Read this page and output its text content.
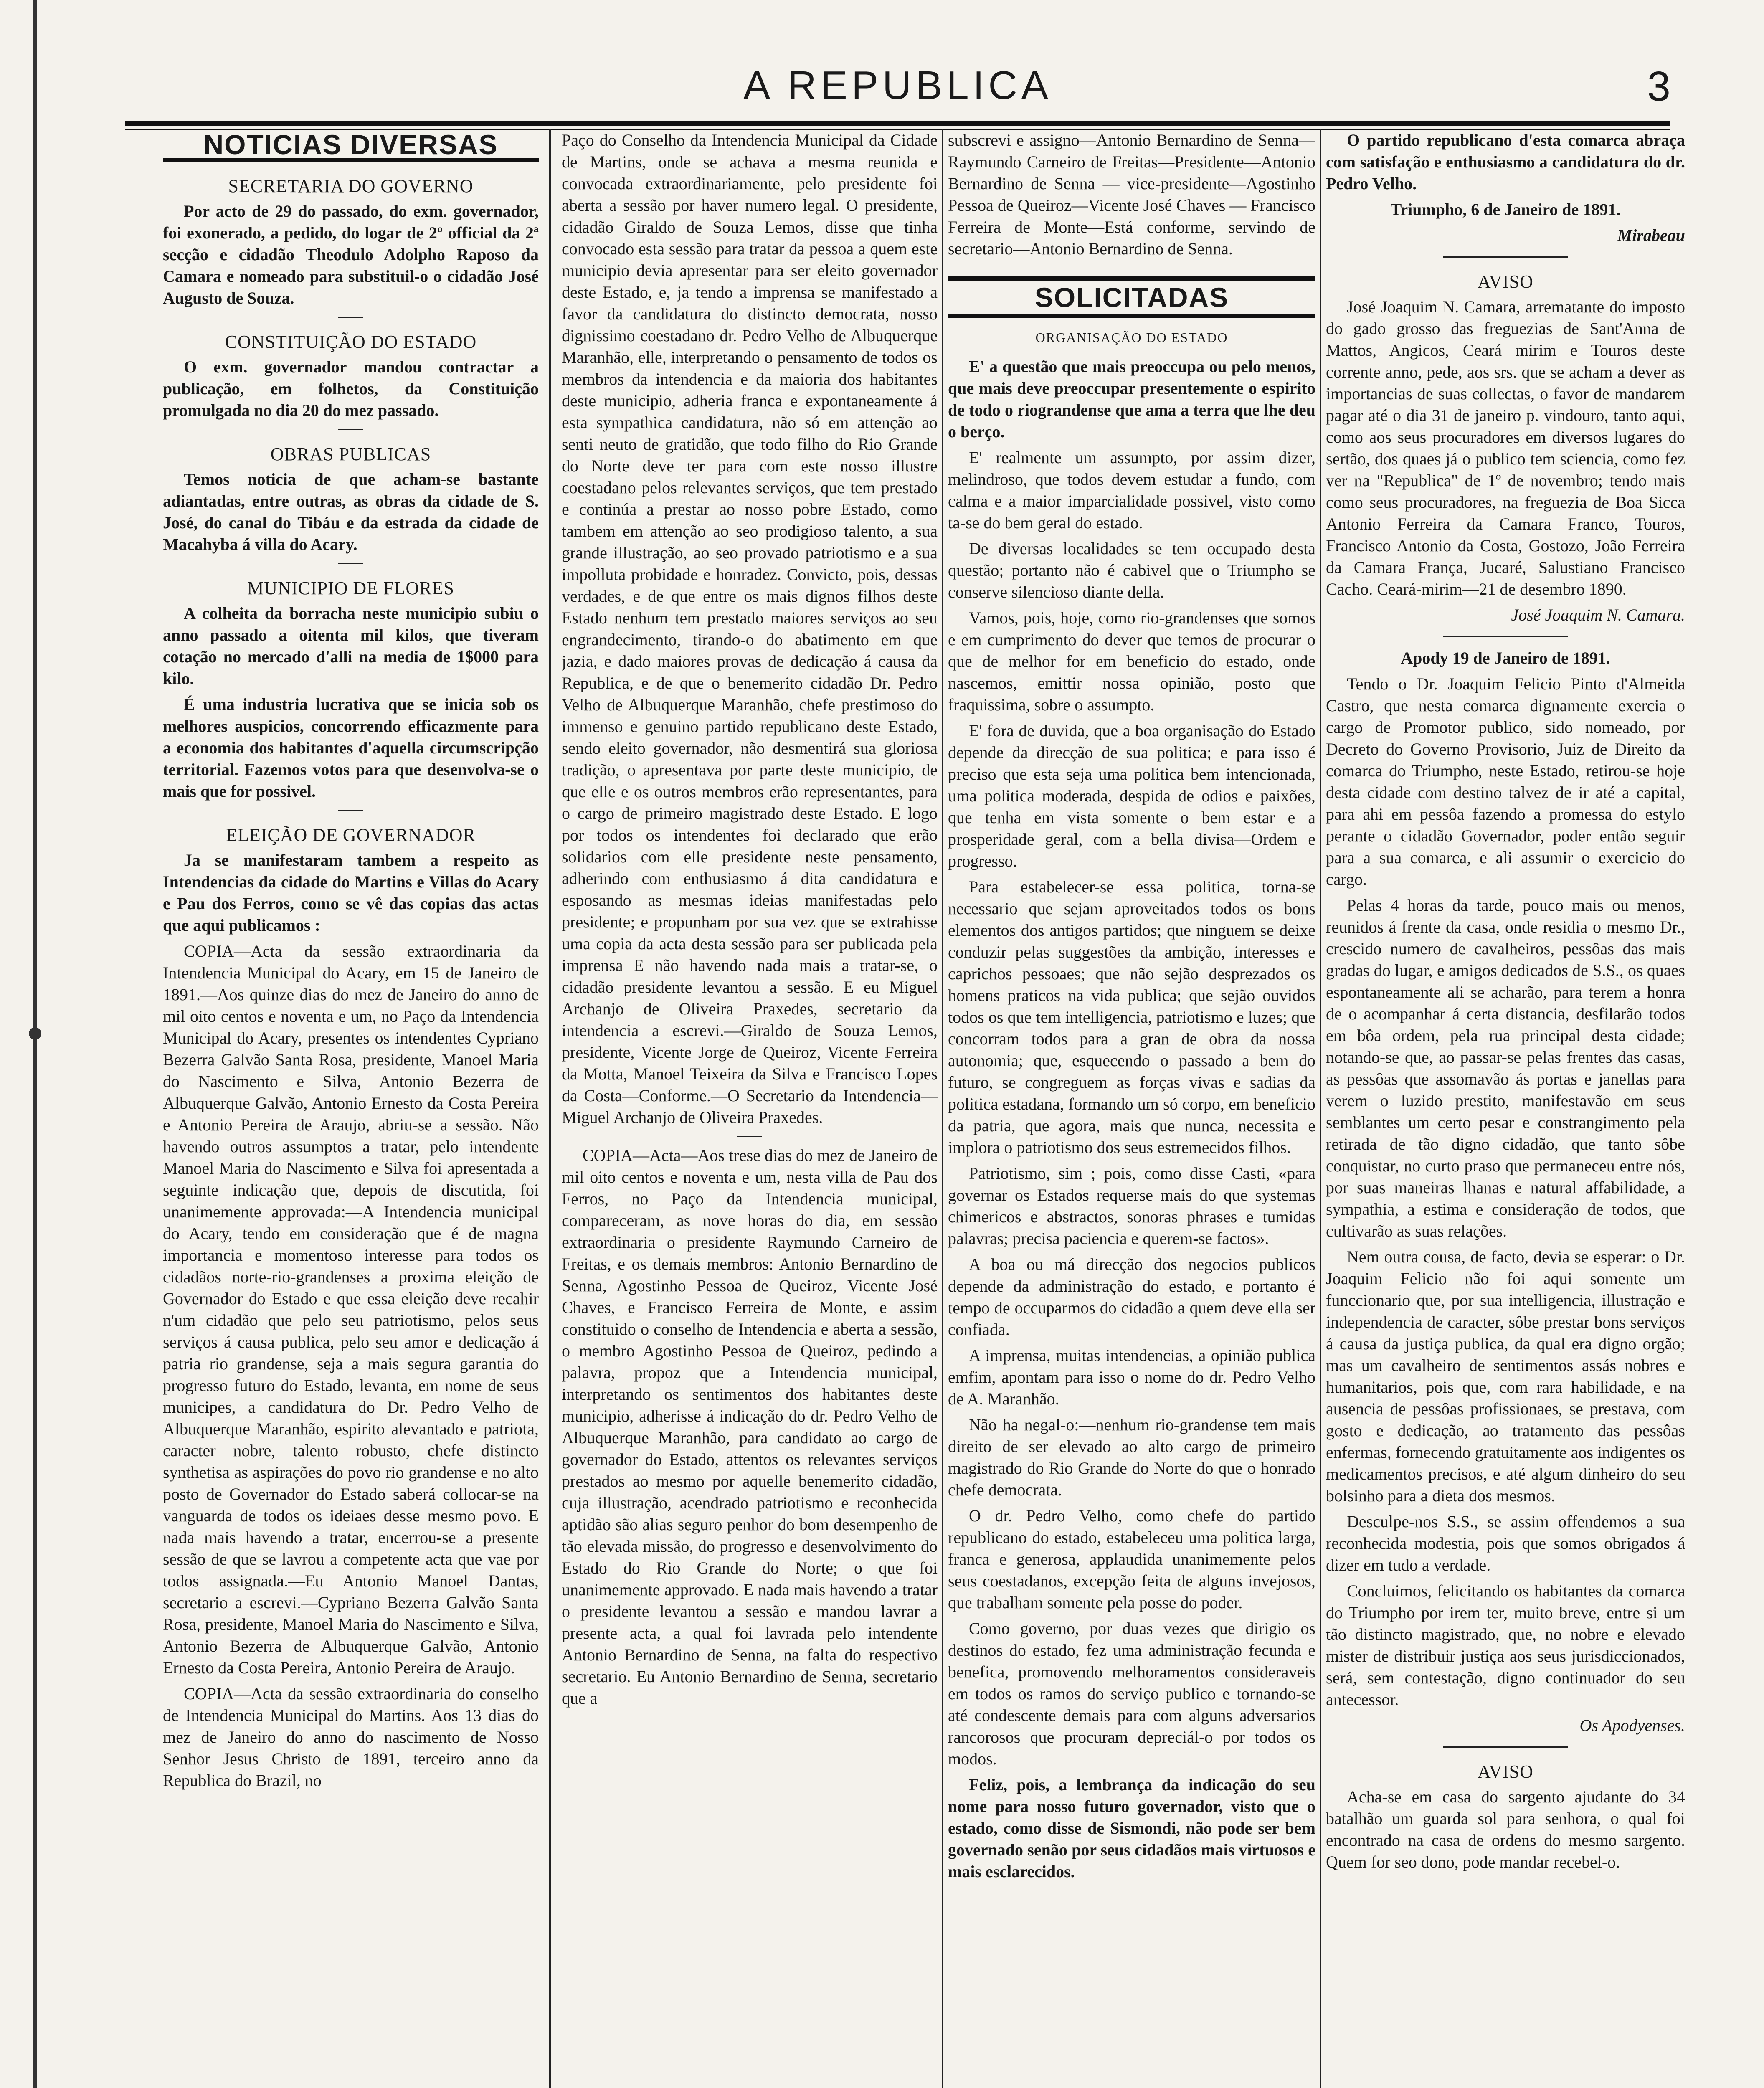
A REPUBLICA	3
NOTICIAS DIVERSAS
SECRETARIA DO GOVERNO

Por acto de 29 do passado, do exm. governador, foi exonerado, a pedido, do logar de 2º official da 2ª secção e cidadão Theodulo Adolpho Raposo da Camara e nomeado para substituil-o o cidadão José Augusto de Souza.

CONSTITUIÇÃO DO ESTADO

O exm. governador mandou contractar a publicação, em folhetos, da Constituição promulgada no dia 20 do mez passado.

OBRAS PUBLICAS

Temos noticia de que acham-se bastante adiantadas, entre outras, as obras da cidade de S. José, do canal do Tibáu e da estrada da cidade de Macahyba á villa do Acary.

MUNICIPIO DE FLORES

A colheita da borracha neste municipio subiu o anno passado a oitenta mil kilos, que tiveram cotação no mercado d'alli na media de 1$000 para kilo.

É uma industria lucrativa que se inicia sob os melhores auspicios, concorrendo efficazmente para a economia dos habitantes d'aquella circumscripção territorial. Fazemos votos para que desenvolva-se o mais que for possivel.

ELEIÇÃO DE GOVERNADOR

Ja se manifestaram tambem a respeito as Intendencias da cidade do Martins e Villas do Acary e Pau dos Ferros, como se vê das copias das actas que aqui publicamos :

COPIA—Acta da sessão extraordinaria da Intendencia Municipal do Acary, em 15 de Janeiro de 1891.—Aos quinze dias do mez de Janeiro do anno de mil oito centos e noventa e um, no Paço da Intendencia Municipal do Acary, presentes os intendentes Cypriano Bezerra Galvão Santa Rosa, presidente, Manoel Maria do Nascimento e Silva, Antonio Bezerra de Albuquerque Galvão, Antonio Ernesto da Costa Pereira e Antonio Pereira de Araujo, abriu-se a sessão. Não havendo outros assumptos a tratar, pelo intendente Manoel Maria do Nascimento e Silva foi apresentada a seguinte indicação que, depois de discutida, foi unanimemente approvada:—A Intendencia municipal do Acary, tendo em consideração que é de magna importancia e momentoso interesse para todos os cidadãos norte-rio-grandenses a proxima eleição de Governador do Estado e que essa eleição deve recahir n'um cidadão que pelo seu patriotismo, pelos seus serviços á causa publica, pelo seu amor e dedicação á patria rio grandense, seja a mais segura garantia do progresso futuro do Estado, levanta, em nome de seus municipes, a candidatura do Dr. Pedro Velho de Albuquerque Maranhão, espirito alevantado e patriota, caracter nobre, talento robusto, chefe distincto synthetisa as aspirações do povo rio grandense e no alto posto de Governador do Estado saberá collocar-se na vanguarda de todos os ideiaes desse mesmo povo. E nada mais havendo a tratar, encerrou-se a presente sessão de que se lavrou a competente acta que vae por todos assignada.—Eu Antonio Manoel Dantas, secretario a escrevi.—Cypriano Bezerra Galvão Santa Rosa, presidente, Manoel Maria do Nascimento e Silva, Antonio Bezerra de Albuquerque Galvão, Antonio Ernesto da Costa Pereira, Antonio Pereira de Araujo.

COPIA—Acta da sessão extraordinaria do conselho de Intendencia Municipal do Martins. Aos 13 dias do mez de Janeiro do anno do nascimento de Nosso Senhor Jesus Christo de 1891, terceiro anno da Republica do Brazil, no

Paço do Conselho da Intendencia Municipal da Cidade de Martins, onde se achava a mesma reunida e convocada extraordinariamente, pelo presidente foi aberta a sessão por haver numero legal. O presidente, cidadão Giraldo de Souza Lemos, disse que tinha convocado esta sessão para tratar da pessoa a quem este municipio devia apresentar para ser eleito governador deste Estado, e, ja tendo a imprensa se manifestado a favor da candidatura do distincto democrata, nosso dignissimo coestadano dr. Pedro Velho de Albuquerque Maranhão, elle, interpretando o pensamento de todos os membros da intendencia e da maioria dos habitantes deste municipio, adheria franca e expontaneamente á esta sympathica candidatura, não só em attenção ao senti neuto de gratidão, que todo filho do Rio Grande do Norte deve ter para com este nosso illustre coestadano pelos relevantes serviços, que tem prestado e continúa a prestar ao nosso pobre Estado, como tambem em attenção ao seo prodigioso talento, a sua grande illustração, ao seo provado patriotismo e a sua impolluta probidade e honradez. Convicto, pois, dessas verdades, e de que entre os mais dignos filhos deste Estado nenhum tem prestado maiores serviços ao seu engrandecimento, tirando-o do abatimento em que jazia, e dado maiores provas de dedicação á causa da Republica, e de que o benemerito cidadão Dr. Pedro Velho de Albuquerque Maranhão, chefe prestimoso do immenso e genuino partido republicano deste Estado, sendo eleito governador, não desmentirá sua gloriosa tradição, o apresentava por parte deste municipio, de que elle e os outros membros erão representantes, para o cargo de primeiro magistrado deste Estado. E logo por todos os intendentes foi declarado que erão solidarios com elle presidente neste pensamento, adherindo com enthusiasmo á dita candidatura e esposando as mesmas ideias manifestadas pelo presidente; e propunham por sua vez que se extrahisse uma copia da acta desta sessão para ser publicada pela imprensa E não havendo nada mais a tratar-se, o cidadão presidente levantou a sessão. E eu Miguel Archanjo de Oliveira Praxedes, secretario da intendencia a escrevi.—Giraldo de Souza Lemos, presidente, Vicente Jorge de Queiroz, Vicente Ferreira da Motta, Manoel Teixeira da Silva e Francisco Lopes da Costa—Conforme.—O Secretario da Intendencia—Miguel Archanjo de Oliveira Praxedes.

COPIA—Acta—Aos trese dias do mez de Janeiro de mil oito centos e noventa e um, nesta villa de Pau dos Ferros, no Paço da Intendencia municipal, compareceram, as nove horas do dia, em sessão extraordinaria o presidente Raymundo Carneiro de Freitas, e os demais membros: Antonio Bernardino de Senna, Agostinho Pessoa de Queiroz, Vicente José Chaves, e Francisco Ferreira de Monte, e assim constituido o conselho de Intendencia e aberta a sessão, o membro Agostinho Pessoa de Queiroz, pedindo a palavra, propoz que a Intendencia municipal, interpretando os sentimentos dos habitantes deste municipio, adherisse á indicação do dr. Pedro Velho de Albuquerque Maranhão, para candidato ao cargo de governador do Estado, attentos os relevantes serviços prestados ao mesmo por aquelle benemerito cidadão, cuja illustração, acendrado patriotismo e reconhecida aptidão são alias seguro penhor do bom desempenho de tão elevada missão, do progresso e desenvolvimento do Estado do Rio Grande do Norte; o que foi unanimemente approvado. E nada mais havendo a tratar o presidente levantou a sessão e mandou lavrar a presente acta, a qual foi lavrada pelo intendente Antonio Bernardino de Senna, na falta do respectivo secretario. Eu Antonio Bernardino de Senna, secretario que a

subscrevi e assigno—Antonio Bernardino de Senna—Raymundo Carneiro de Freitas—Presidente—Antonio Bernardino de Senna — vice-presidente—Agostinho Pessoa de Queiroz—Vicente José Chaves — Francisco Ferreira de Monte—Está conforme, servindo de secretario—Antonio Bernardino de Senna.

SOLICITADAS
ORGANISAÇÃO DO ESTADO

E' a questão que mais preoccupa ou pelo menos, que mais deve preoccupar presentemente o espirito de todo o riograndense que ama a terra que lhe deu o berço.

E' realmente um assumpto, por assim dizer, melindroso, que todos devem estudar a fundo, com calma e a maior imparcialidade possivel, visto como ta-se do bem geral do estado.

De diversas localidades se tem occupado desta questão; portanto não é cabivel que o Triumpho se conserve silencioso diante della.

Vamos, pois, hoje, como rio-grandenses que somos e em cumprimento do dever que temos de procurar o que de melhor for em beneficio do estado, onde nascemos, emittir nossa opinião, posto que fraquissima, sobre o assumpto.

E' fora de duvida, que a boa organisação do Estado depende da direcção de sua politica; e para isso é preciso que esta seja uma politica bem intencionada, uma politica moderada, despida de odios e paixões, que tenha em vista somente o bem estar e a prosperidade geral, com a bella divisa—Ordem e progresso.

Para estabelecer-se essa politica, torna-se necessario que sejam aproveitados todos os bons elementos dos antigos partidos; que ninguem se deixe conduzir pelas suggestões da ambição, interesses e caprichos pessoaes; que não sejão desprezados os homens praticos na vida publica; que sejão ouvidos todos os que tem intelligencia, patriotismo e luzes; que concorram todos para a gran de obra da nossa autonomia; que, esquecendo o passado a bem do futuro, se congreguem as forças vivas e sadias da politica estadana, formando um só corpo, em beneficio da patria, que agora, mais que nunca, necessita e implora o patriotismo dos seus estremecidos filhos.

Patriotismo, sim ; pois, como disse Casti, «para governar os Estados requerse mais do que systemas chimericos e abstractos, sonoras phrases e tumidas palavras; precisa paciencia e querem-se factos».

A boa ou má direcção dos negocios publicos depende da administração do estado, e portanto é tempo de occuparmos do cidadão a quem deve ella ser confiada.

A imprensa, muitas intendencias, a opinião publica emfim, apontam para isso o nome do dr. Pedro Velho de A. Maranhão.

Não ha negal-o:—nenhum rio-grandense tem mais direito de ser elevado ao alto cargo de primeiro magistrado do Rio Grande do Norte do que o honrado chefe democrata.

O dr. Pedro Velho, como chefe do partido republicano do estado, estabeleceu uma politica larga, franca e generosa, applaudida unanimemente pelos seus coestadanos, excepção feita de alguns invejosos, que trabalham somente pela posse do poder.

Como governo, por duas vezes que dirigio os destinos do estado, fez uma administração fecunda e benefica, promovendo melhoramentos consideraveis em todos os ramos do serviço publico e tornando-se até condescente demais para com alguns adversarios rancorosos que procuram depreciál-o por todos os modos.

Feliz, pois, a lembrança da indicação do seu nome para nosso futuro governador, visto que o estado, como disse de Sismondi, não pode ser bem governado senão por seus cidadãos mais virtuosos e mais esclarecidos.

O partido republicano d'esta comarca abraça com satisfação e enthusiasmo a candidatura do dr. Pedro Velho.

Triumpho, 6 de Janeiro de 1891.

Mirabeau

AVISO

José Joaquim N. Camara, arrematante do imposto do gado grosso das freguezias de Sant'Anna de Mattos, Angicos, Ceará mirim e Touros deste corrente anno, pede, aos srs. que se acham a dever as importancias de suas collectas, o favor de mandarem pagar até o dia 31 de janeiro p. vindouro, tanto aqui, como aos seus procuradores em diversos lugares do sertão, dos quaes já o publico tem sciencia, como fez ver na "Republica" de 1º de novembro; tendo mais como seus procuradores, na freguezia de Boa Sicca Antonio Ferreira da Camara Franco, Touros, Francisco Antonio da Costa, Gostozo, João Ferreira da Camara França, Jucaré, Salustiano Francisco Cacho. Ceará-mirim—21 de desembro 1890.

José Joaquim N. Camara.

Apody 19 de Janeiro de 1891.

Tendo o Dr. Joaquim Felicio Pinto d'Almeida Castro, que nesta comarca dignamente exercia o cargo de Promotor publico, sido nomeado, por Decreto do Governo Provisorio, Juiz de Direito da comarca do Triumpho, neste Estado, retirou-se hoje desta cidade com destino talvez de ir até a capital, para ahi em pessôa fazendo a promessa do estylo perante o cidadão Governador, poder então seguir para a sua comarca, e ali assumir o exercicio do cargo.

Pelas 4 horas da tarde, pouco mais ou menos, reunidos á frente da casa, onde residia o mesmo Dr., crescido numero de cavalheiros, pessôas das mais gradas do lugar, e amigos dedicados de S.S., os quaes espontaneamente ali se acharão, para terem a honra de o acompanhar á certa distancia, desfilarão todos em bôa ordem, pela rua principal desta cidade; notando-se que, ao passar-se pelas frentes das casas, as pessôas que assomavão ás portas e janellas para verem o luzido prestito, manifestavão em seus semblantes um certo pesar e constrangimento pela retirada de tão digno cidadão, que tanto sôbe conquistar, no curto praso que permaneceu entre nós, por suas maneiras lhanas e natural affabilidade, a sympathia, a estima e consideração de todos, que cultivarão as suas relações.

Nem outra cousa, de facto, devia se esperar: o Dr. Joaquim Felicio não foi aqui somente um funccionario que, por sua intelligencia, illustração e independencia de caracter, sôbe prestar bons serviços á causa da justiça publica, da qual era digno orgão; mas um cavalheiro de sentimentos assás nobres e humanitarios, pois que, com rara habilidade, e na ausencia de pessôas profissionaes, se prestava, com gosto e dedicação, ao tratamento das pessôas enfermas, fornecendo gratuitamente aos indigentes os medicamentos precisos, e até algum dinheiro do seu bolsinho para a dieta dos mesmos.

Desculpe-nos S.S., se assim offendemos a sua reconhecida modestia, pois que somos obrigados á dizer em tudo a verdade.

Concluimos, felicitando os habitantes da comarca do Triumpho por irem ter, muito breve, entre si um tão distincto magistrado, que, no nobre e elevado mister de distribuir justiça aos seus jurisdiccionados, será, sem contestação, digno continuador do seu antecessor.

Os Apodyenses.

AVISO

Acha-se em casa do sargento ajudante do 34 batalhão um guarda sol para senhora, o qual foi encontrado na casa de ordens do mesmo sargento. Quem for seo dono, pode mandar recebel-o.
